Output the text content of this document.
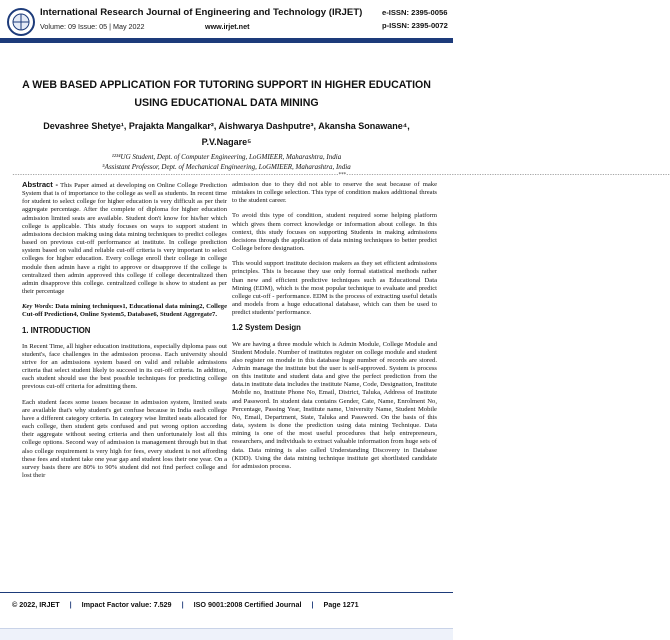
International Research Journal of Engineering and Technology (IRJET)	e-ISSN: 2395-0056
p-ISSN: 2395-0072
Volume: 09 Issue: 05 | May 2022	www.irjet.net
A WEB BASED APPLICATION FOR TUTORING SUPPORT IN HIGHER EDUCATION USING EDUCATIONAL DATA MINING
Devashree Shetye¹, Prajakta Mangalkar², Aishwarya Dashputre³, Akansha Sonawane⁴, P.V.Nagare⁵
¹²³⁴UG Student, Dept. of Computer Engineering, LoGMIEER, Maharashtra, India
⁵Assistant Professor, Dept. of Mechanical Engineering, LoGMIEER, Maharashtra, India
----------------------------------------------------------------------------------------------------------------------------------***---------------------------------------------------------------------------------------------------------------------------------

Abstract - This Paper aimed at developing on Online College Prediction System that is of importance to the college as well as students. In recent time for student to select college for higher education is very difficult as per their aggregate percentage. After the complete of diploma for higher education admission limited seats are available. Student don't know for his/her which college is applicable. This study focuses on ways to support student in admissions decision making using data mining techniques to predict colleges based on previous cut-off performance at institute. In college prediction system based on valid and reliable cut-off criteria is very important to select colleges for higher education. Every college enroll their college in college module then admin have a right to approve or disapprove if the college is centralized then admin approved this college if college decentralized then admin disapprove this college. centralized college is show to student as per their percentage

Key Words: Data mining techniques1, Educational data mining2, College Cut-off Prediction4, Online System5, Database6, Student Aggregate7.

1. INTRODUCTION

In Recent Time, all higher education institutions, especially diploma pass out student's, face challenges in the admission process. Each university should strive for an admissions system based on valid and reliable admissions criteria that select student likely to succeed in its cut-off criteria. In addition, each student should use the best possible techniques for predicting college previous cut-off criteria for admitting them.

Each student faces some issues because in admission system, limited seats are available that's why student's get confuse because in India each college have a different category criteria. In category wise limited seats allocated for each college, then student gets confused and put wrong option according their aggregate without seeing criteria and then unfortunately lost all this college options. Second way of admission is management through but in that also college requirement is very high for fees, every student is not affording these fees and student take one year gap and student loss their one year. On a survey basis there are 80% to 90% student did not find perfect college and lost their

admission due to they did not able to reserve the seat because of make mistakes in college selection. This type of condition makes additional threats to the student career.

To avoid this type of condition, student required some helping platform which gives them correct knowledge or information about college. In this context, this study focuses on supporting Students in making admissions decisions through the application of data mining techniques to better predict College before designation.

This would support institute decision makers as they set efficient admissions principles. This is because they use only formal statistical methods rather than new and efficient predictive techniques such as Educational Data Mining (EDM), which is the most popular technique to evaluate and predict college cut-off - performance. EDM is the process of extracting useful details and models from a huge educational database, which can then be used to predict students' performance.

1.2 System Design

We are having a three module which is Admin Module, College Module and Student Module. Number of institutes register on college module and student also register on module in this database huge number of records are stored. Admin manage the institute but the user is self-approved. System is process on this institute and student data and give the perfect prediction from the data.in institute data includes the institute Name, Code, Designation, Institute Mobile no, Institute Phone No, Email, District, Taluka, Address of Institute and Password. In student data contains Gender, Cate, Name, Enrolment No, Percentage, Passing Year, Institute name, University Name, Student Mobile No, Email, Department, State, Taluka and Password. On the basis of this data, system is done the prediction using data mining Technique. Data mining is one of the most useful procedures that help entrepreneurs, researchers, and individuals to extract valuable information from huge sets of data. Data mining is also called Understanding Discovery in Database (KDD). Using the data mining technique institute get shortlisted candidate for admission process.

© 2022, IRJET | Impact Factor value: 7.529 | ISO 9001:2008 Certified Journal | Page 1271
